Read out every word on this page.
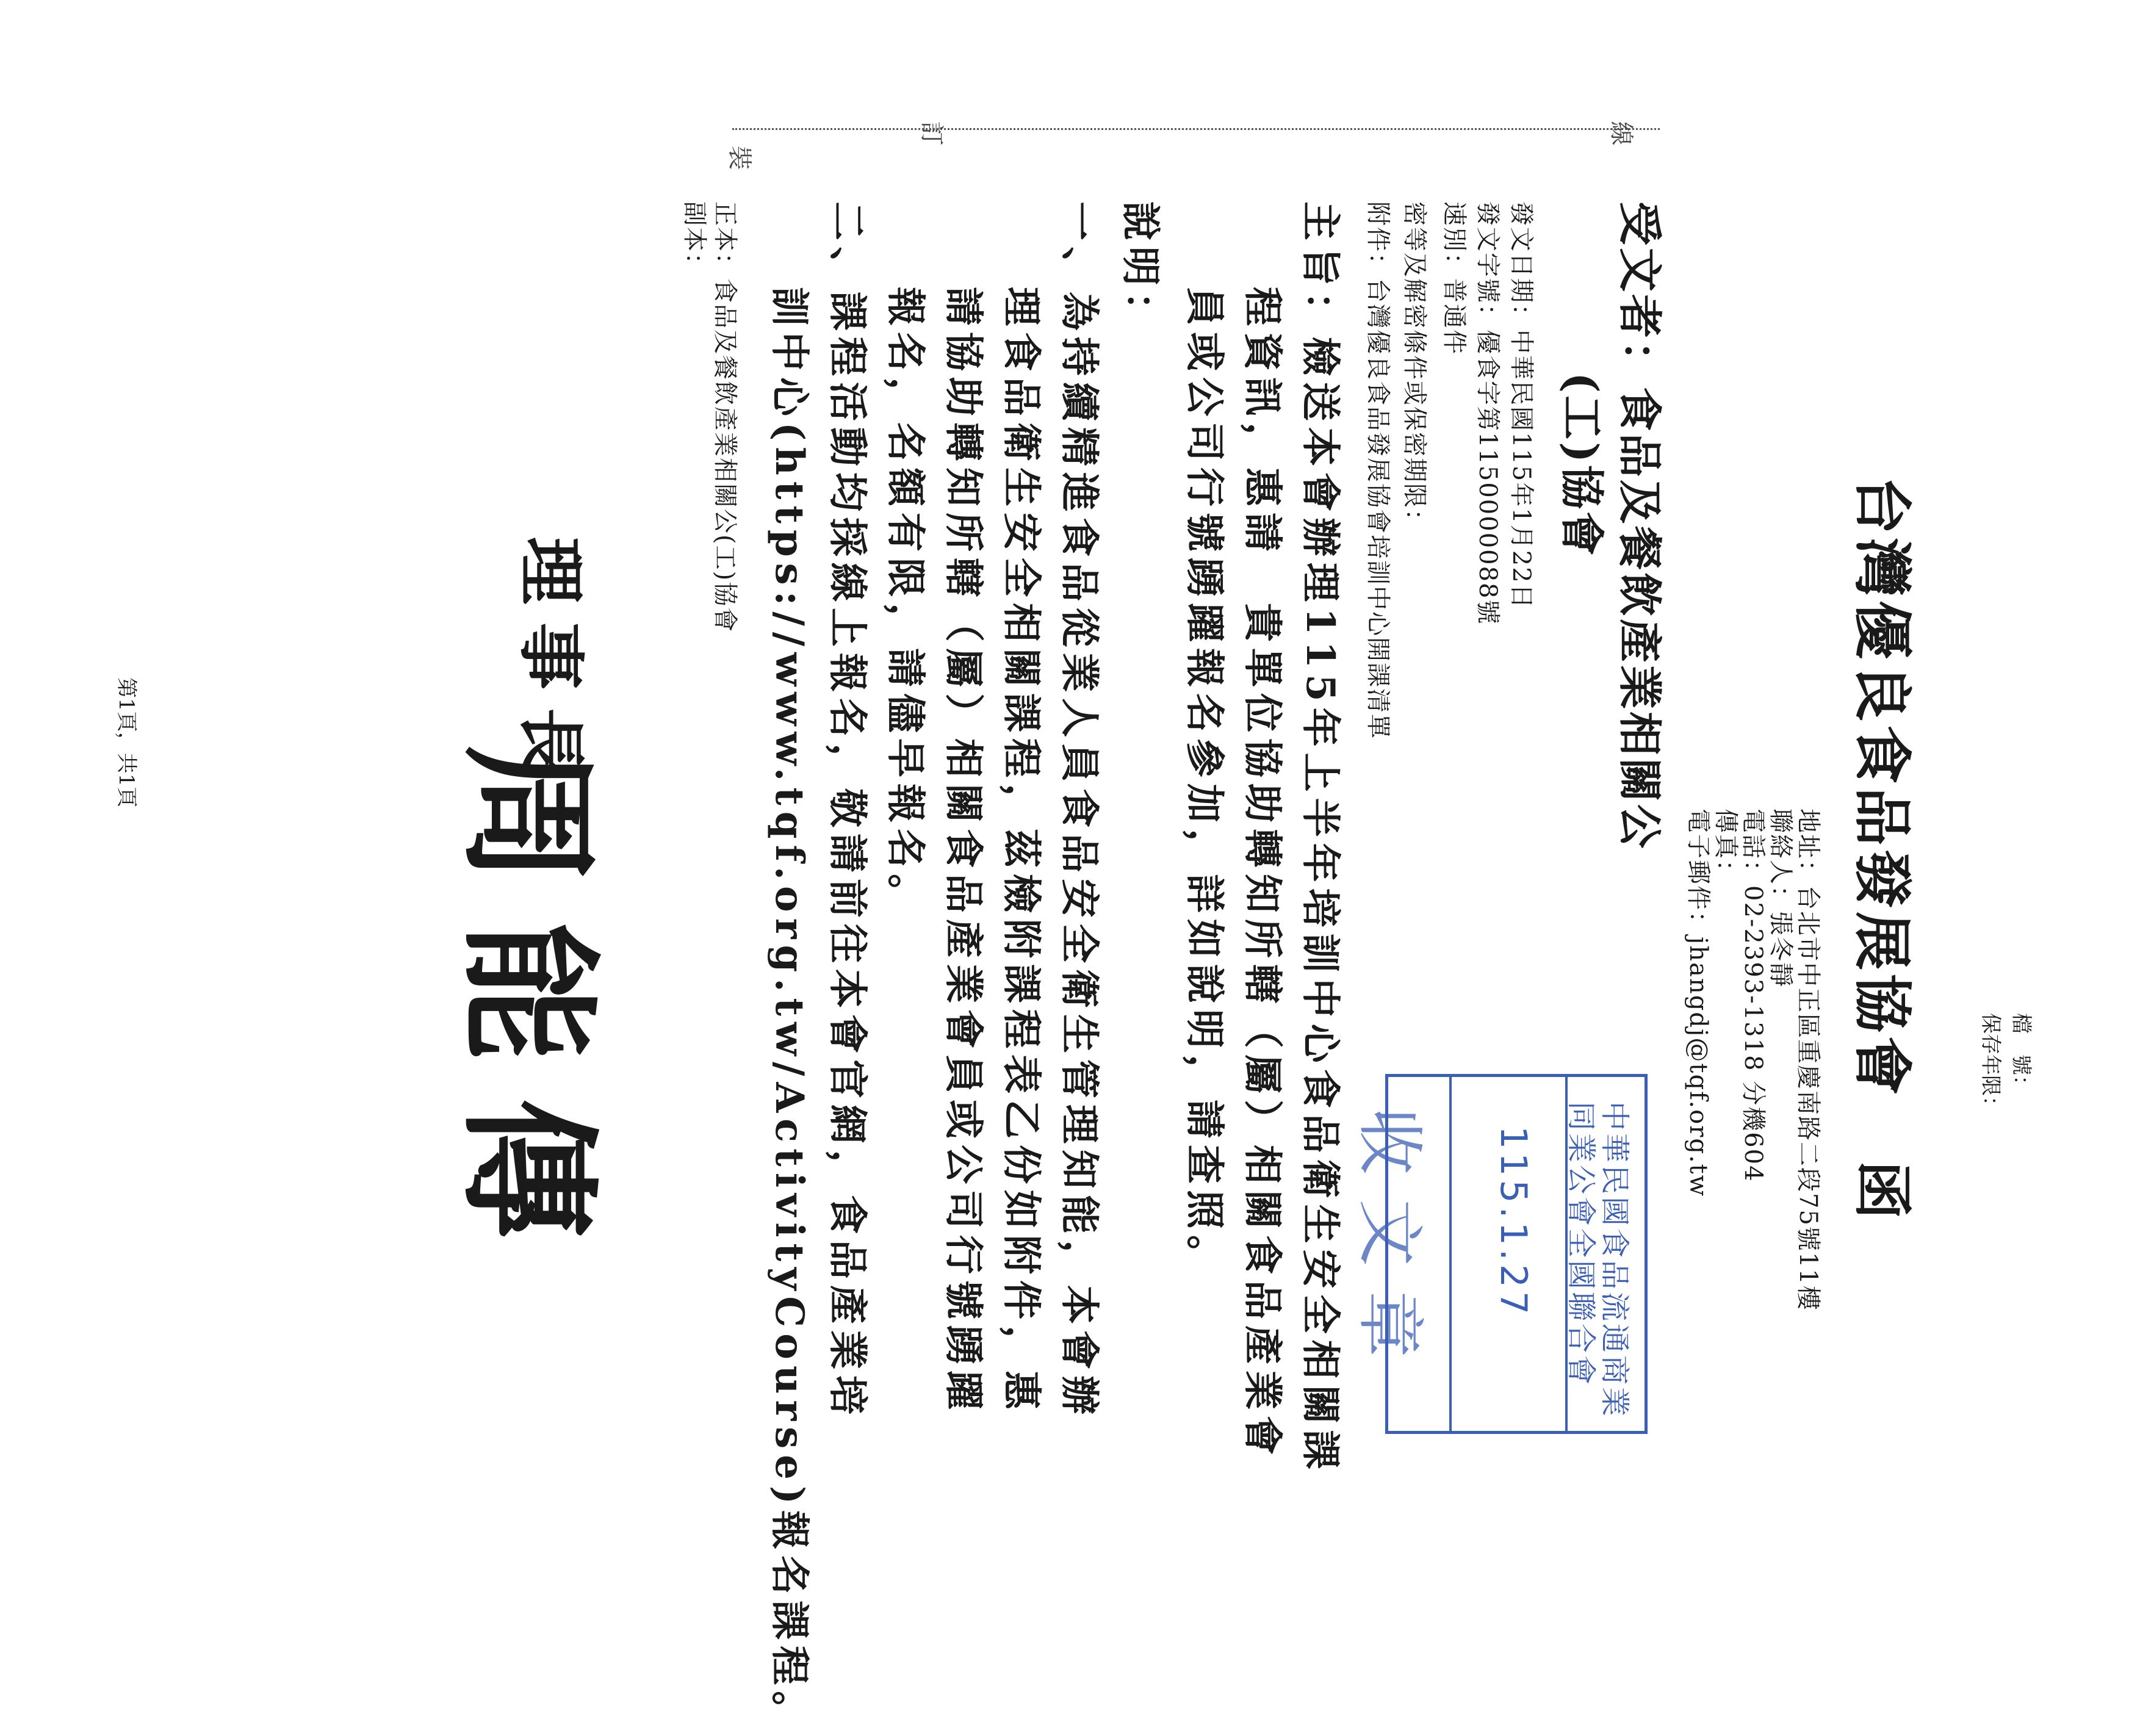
檔　號：
保存年限：
裝
訂	線
台灣優良食品發展協會　函
地址：台北市中正區重慶南路二段75號11樓
聯絡人：張冬靜
電話：02-2393-1318 分機604
傳真：
電子郵件：jhangdj@tqf.org.tw
受文者：食品及餐飲產業相關公
(工)協會
發文日期：中華民國115年1月22日
發文字號：優食字第1150000088號
速別：普通件
密等及解密條件或保密期限：
附件：台灣優良食品發展協會培訓中心開課清單
主旨：檢送本會辦理115年上半年培訓中心食品衛生安全相關課
程資訊，惠請　貴單位協助轉知所轄（屬）相關食品產業會
員或公司行號踴躍報名參加，詳如說明，請查照。
說明：
一、為持續精進食品從業人員食品安全衛生管理知能，本會辦
理食品衛生安全相關課程，茲檢附課程表乙份如附件，惠
請協助轉知所轄（屬）相關食品產業會員或公司行號踴躍
報名，名額有限，請儘早報名。
二、課程活動均採線上報名，敬請前往本會官網，食品產業培
訓中心(https://www.tqf.org.tw/ActivityCourse)報名課程。
正本：食品及餐飲產業相關公(工)協會
副本：
理事長
周能傳
第1頁，共1頁
中華民國食品流通商業
同業公會全國聯合會
115.1.27
收文章
